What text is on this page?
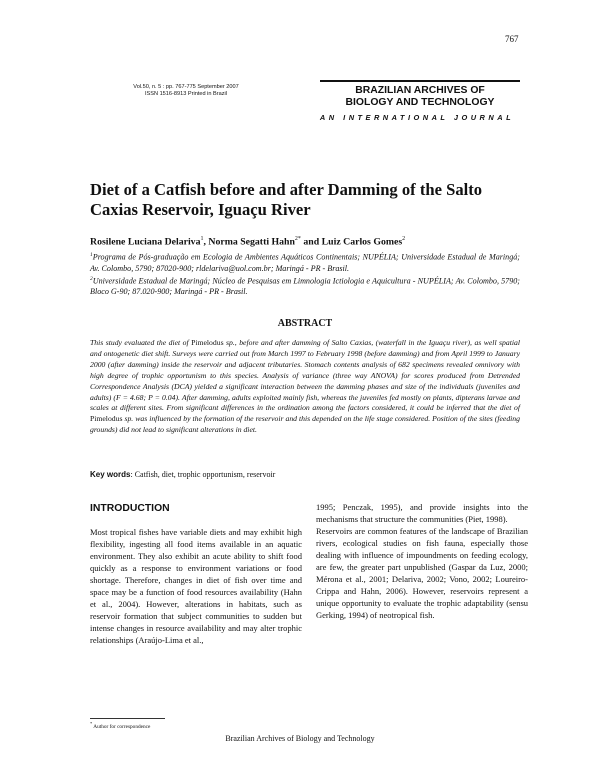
767
Vol.50, n. 5 : pp. 767-775 September 2007
ISSN 1516-8913 Printed in Brazil	BRAZILIAN ARCHIVES OF
BIOLOGY AND TECHNOLOGY
AN INTERNATIONAL JOURNAL
Diet of a Catfish before and after Damming of the Salto Caxias Reservoir, Iguaçu River
Rosilene Luciana Delariva$^1$, Norma Segatti Hahn$^{2*}$ and Luiz Carlos Gomes$^2$
$^1$Programa de Pós-graduação em Ecologia de Ambientes Aquáticos Continentais; NUPÉLIA; Universidade Estadual de Maringá; Av. Colombo, 5790; 87020-900; rldelariva@uol.com.br; Maringá - PR - Brasil.
$^2$Universidade Estadual de Maringá; Núcleo de Pesquisas em Limnologia Ictiologia e Aquicultura - NUPÉLIA; Av. Colombo, 5790; Bloco G-90; 87.020-900; Maringá - PR - Brasil.
ABSTRACT
This study evaluated the diet of Pimelodus sp., before and after damming of Salto Caxias, (waterfall in the Iguaçu river), as well spatial and ontogenetic diet shift. Surveys were carried out from March 1997 to February 1998 (before damming) and from April 1999 to January 2000 (after damming) inside the reservoir and adjacent tributaries. Stomach contents analysis of 682 specimens revealed omnivory with high degree of trophic opportunism to this species. Analysis of variance (three way ANOVA) for scores produced from Detrended Correspondence Analysis (DCA) yielded a significant interaction between the damming phases and size of the individuals (juveniles and adults) (F = 4.68; P = 0.04). After damming, adults exploited mainly fish, whereas the juveniles fed mostly on plants, dipterans larvae and scales at different sites. From significant differences in the ordination among the factors considered, it could be inferred that the diet of Pimelodus sp. was influenced by the formation of the reservoir and this depended on the life stage considered. Position of the sites (feeding grounds) did not lead to significant alterations in diet.
Key words: Catfish, diet, trophic opportunism, reservoir
INTRODUCTION

Most tropical fishes have variable diets and may exhibit high flexibility, ingesting all food items available in an aquatic environment. They also exhibit an acute ability to shift food quickly as a response to environment variations or food shortage. Therefore, changes in diet of fish over time and space may be a function of food resources availability (Hahn et al., 2004). However, alterations in habitats, such as reservoir formation that subject communities to sudden but intense changes in resource availability and may alter trophic relationships (Araújo-Lima et al.,

1995; Penczak, 1995), and provide insights into the mechanisms that structure the communities (Piet, 1998).

Reservoirs are common features of the landscape of Brazilian rivers, ecological studies on fish fauna, especially those dealing with influence of impoundments on feeding ecology, are few, the greater part unpublished (Gaspar da Luz, 2000; Mérona et al., 2001; Delariva, 2002; Vono, 2002; Loureiro-Crippa and Hahn, 2006). However, reservoirs represent a unique opportunity to evaluate the trophic adaptability (sensu Gerking, 1994) of neotropical fish.

* Author for correspondence
Brazilian Archives of Biology and Technology
